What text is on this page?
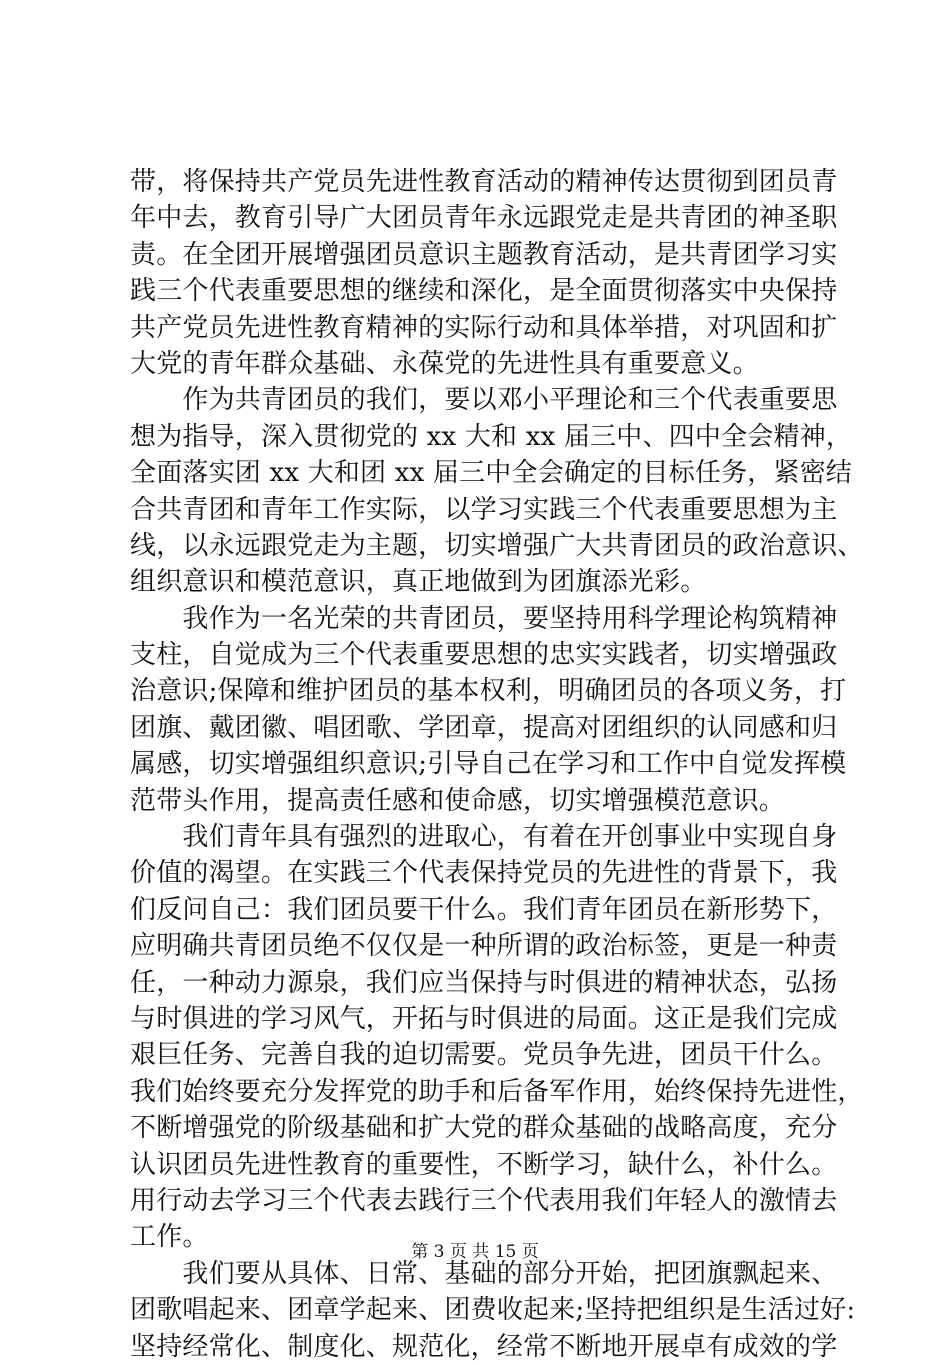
带，将保持共产党员先进性教育活动的精神传达贯彻到团员青
年中去，教育引导广大团员青年永远跟党走是共青团的神圣职
责。在全团开展增强团员意识主题教育活动，是共青团学习实
践三个代表重要思想的继续和深化，是全面贯彻落实中央保持
共产党员先进性教育精神的实际行动和具体举措，对巩固和扩
大党的青年群众基础、永葆党的先进性具有重要意义。
　　作为共青团员的我们，要以邓小平理论和三个代表重要思
想为指导，深入贯彻党的 xx 大和 xx 届三中、四中全会精神，
全面落实团 xx 大和团 xx 届三中全会确定的目标任务，紧密结
合共青团和青年工作实际，以学习实践三个代表重要思想为主
线，以永远跟党走为主题，切实增强广大共青团员的政治意识、
组织意识和模范意识，真正地做到为团旗添光彩。
　　我作为一名光荣的共青团员，要坚持用科学理论构筑精神
支柱，自觉成为三个代表重要思想的忠实实践者，切实增强政
治意识;保障和维护团员的基本权利，明确团员的各项义务，打
团旗、戴团徽、唱团歌、学团章，提高对团组织的认同感和归
属感，切实增强组织意识;引导自己在学习和工作中自觉发挥模
范带头作用，提高责任感和使命感，切实增强模范意识。
　　我们青年具有强烈的进取心，有着在开创事业中实现自身
价值的渴望。在实践三个代表保持党员的先进性的背景下，我
们反问自己：我们团员要干什么。我们青年团员在新形势下，
应明确共青团员绝不仅仅是一种所谓的政治标签，更是一种责
任，一种动力源泉，我们应当保持与时俱进的精神状态，弘扬
与时俱进的学习风气，开拓与时俱进的局面。这正是我们完成
艰巨任务、完善自我的迫切需要。党员争先进，团员干什么。
我们始终要充分发挥党的助手和后备军作用，始终保持先进性，
不断增强党的阶级基础和扩大党的群众基础的战略高度，充分
认识团员先进性教育的重要性，不断学习，缺什么，补什么。
用行动去学习三个代表去践行三个代表用我们年轻人的激情去
工作。
　　我们要从具体、日常、基础的部分开始，把团旗飘起来、
团歌唱起来、团章学起来、团费收起来;坚持把组织是生活过好:
坚持经常化、制度化、规范化，经常不断地开展卓有成效的学
第 3 页 共 15 页
